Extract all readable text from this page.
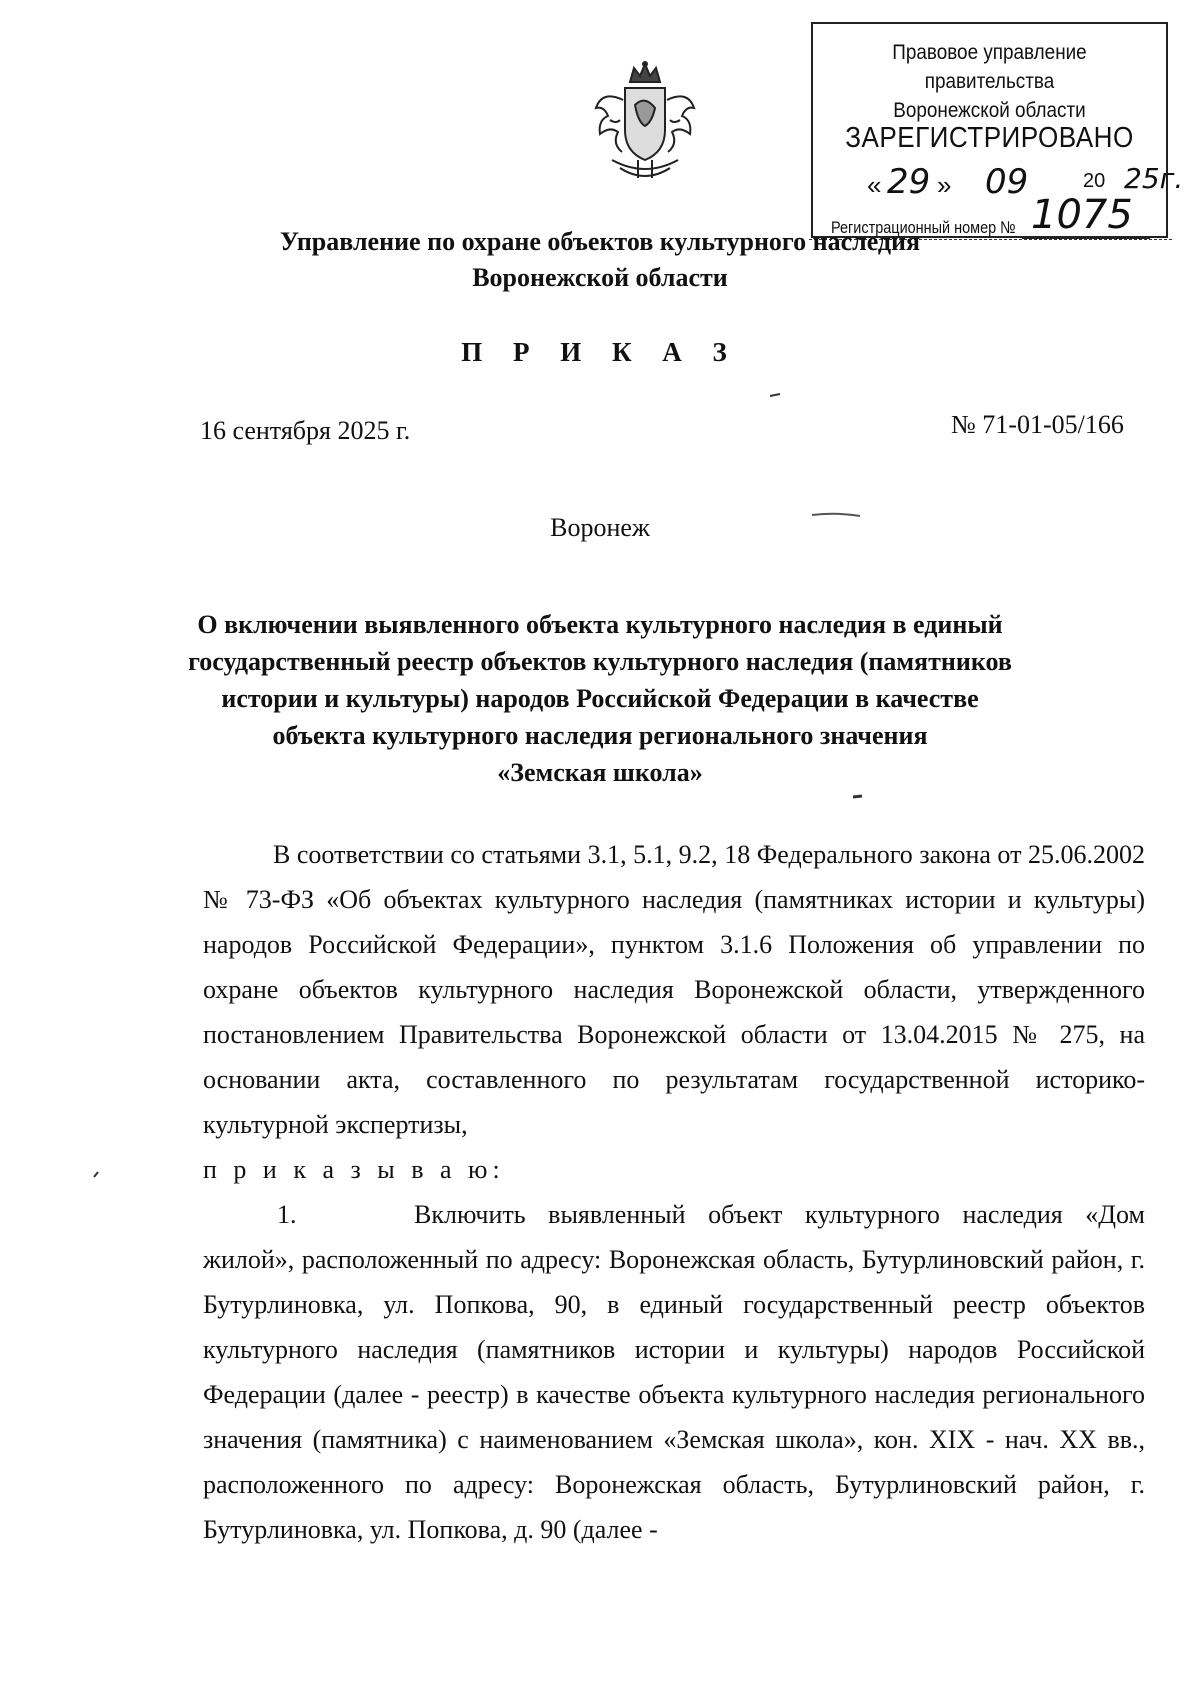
Правовое управление правительства
Воронежской области
ЗАРЕГИСТРИРОВАНО
« 29 » 09	20 25г.
Регистрационный номер № 1075
Управление по охране объектов культурного наследия
Воронежской области
П Р И К А З
16 сентября 2025 г.	№ 71-01-05/166
Воронеж
О включении выявленного объекта культурного наследия в единый
государственный реестр объектов культурного наследия (памятников
истории и культуры) народов Российской Федерации в качестве
объекта культурного наследия регионального значения
«Земская школа»

В соответствии со статьями 3.1, 5.1, 9.2, 18 Федерального закона от 25.06.2002 № 73-ФЗ «Об объектах культурного наследия (памятниках истории и культуры) народов Российской Федерации», пунктом 3.1.6 Положения об управлении по охране объектов культурного наследия Воронежской области, утвержденного постановлением Правительства Воронежской области от 13.04.2015 № 275, на основании акта, составленного по результатам государственной историко-культурной экспертизы,

п р и к а з ы в а ю:

1.	Включить выявленный объект культурного наследия «Дом жилой», расположенный по адресу: Воронежская область, Бутурлиновский район, г. Бутурлиновка, ул. Попкова, 90, в единый государственный реестр объектов культурного наследия (памятников истории и культуры) народов Российской Федерации (далее - реестр) в качестве объекта культурного наследия регионального значения (памятника) с наименованием «Земская школа», кон. XIX - нач. XX вв., расположенного по адресу: Воронежская область, Бутурлиновский район, г. Бутурлиновка, ул. Попкова, д. 90 (далее -
